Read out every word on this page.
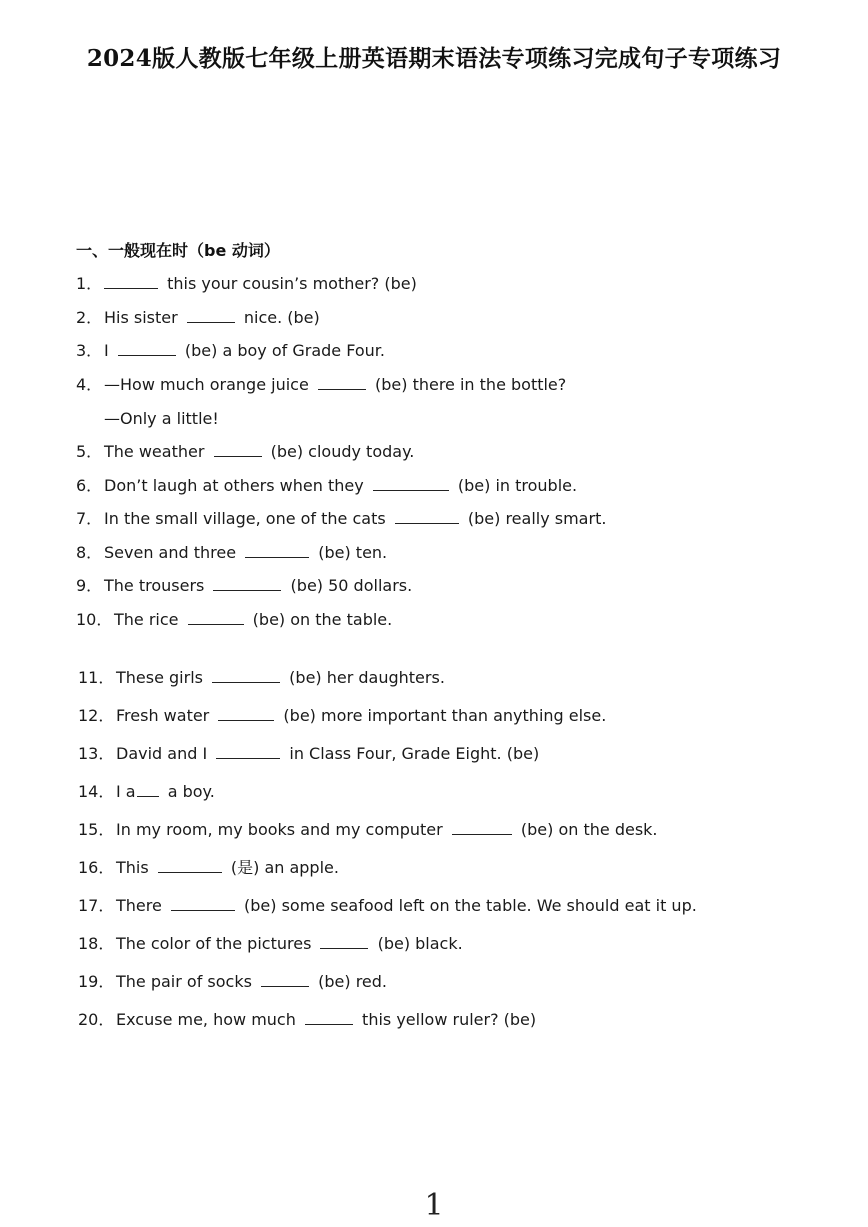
2024版人教版七年级上册英语期末语法专项练习完成句子专项练习
一、一般现在时（be 动词）
1．	this your cousin’s mother? (be)
2． His sister	nice. (be)
3． I	(be) a boy of Grade Four.
4． —How much orange juice	(be) there in the bottle?
—Only a little!
5． The weather	(be) cloudy today.
6． Don’t laugh at others when they	(be) in trouble.
7． In the small village, one of the cats	(be) really smart.
8． Seven and three	(be) ten.
9． The trousers	(be) 50 dollars.
10． The rice	(be) on the table.
11． These girls	(be) her daughters.
12． Fresh water	(be) more important than anything else.
13． David and I	in Class Four, Grade Eight. (be)
14． I a a boy.
15． In my room, my books and my computer	(be) on the desk.
16． This	(是) an apple.
17． There	(be) some seafood left on the table. We should eat it up.
18． The color of the pictures	(be) black.
19． The pair of socks	(be) red.
20． Excuse me, how much	this yellow ruler? (be)
1
